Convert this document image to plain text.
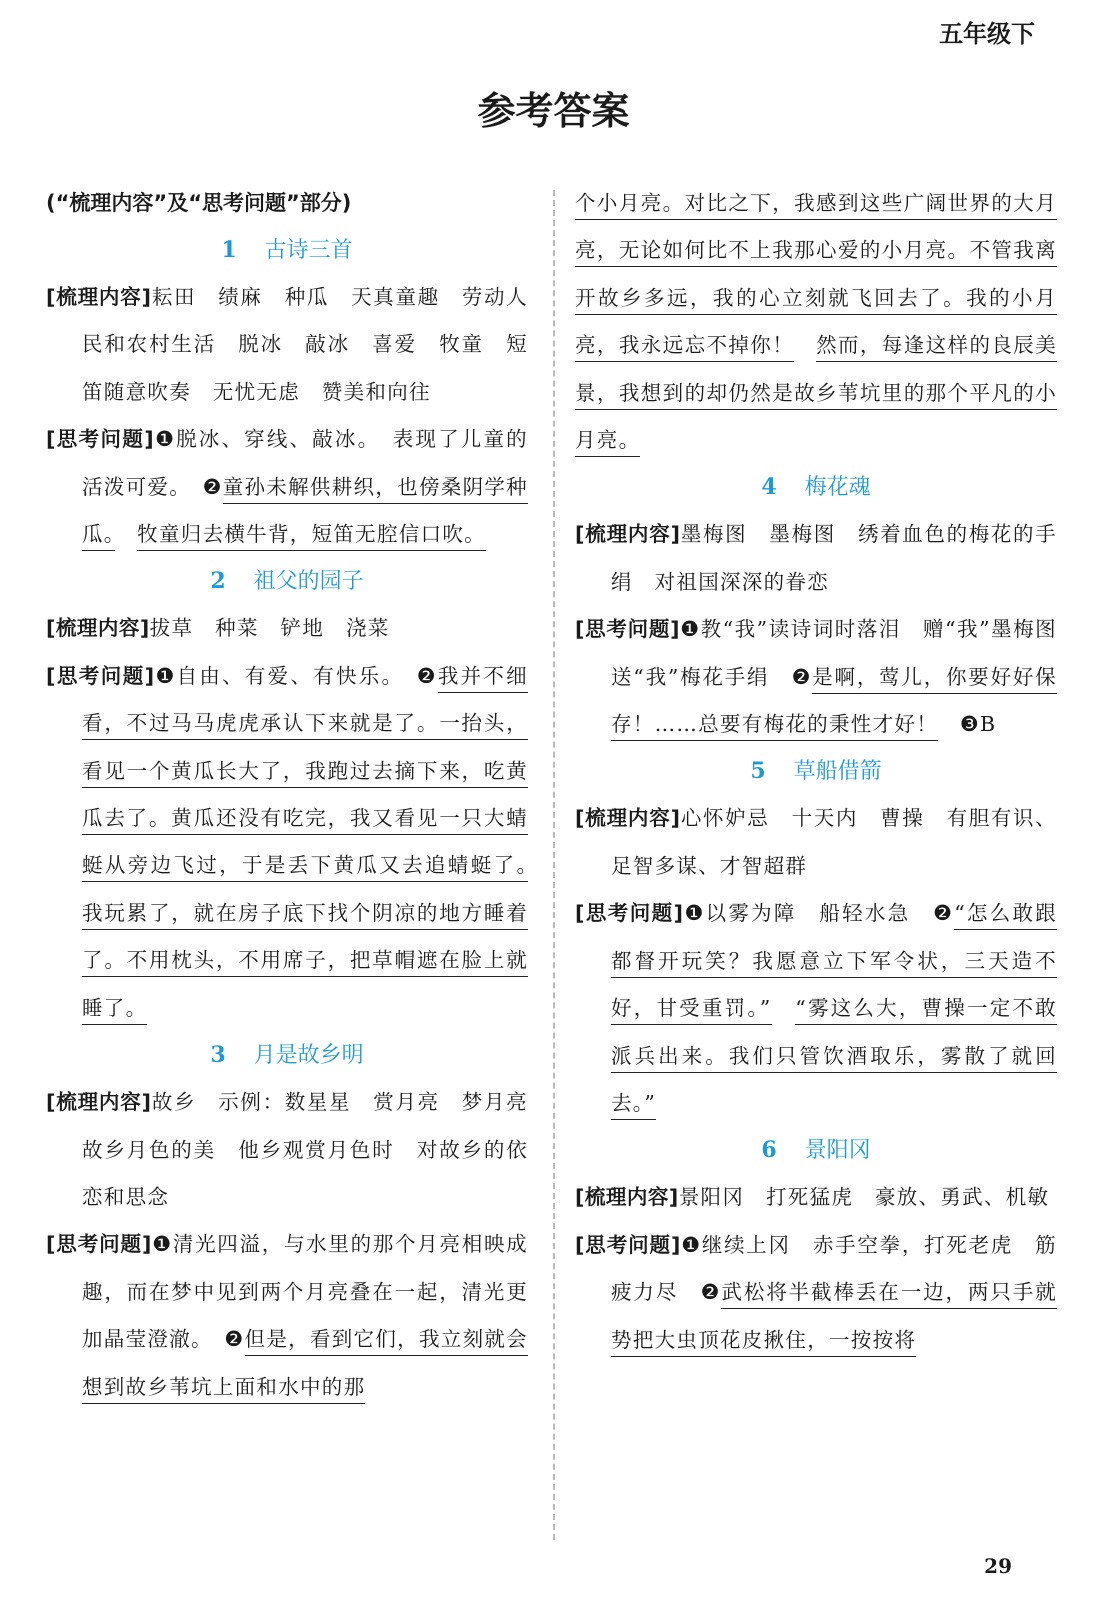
五年级下
参考答案

(“梳理内容”及“思考问题”部分)

1 古诗三首

[梳理内容]耘田　绩麻　种瓜　天真童趣　劳动人民和农村生活　脱冰　敲冰　喜爱　牧童　短笛随意吹奏　无忧无虑　赞美和向往

[思考问题]❶脱冰、穿线、敲冰。　表现了儿童的活泼可爱。　❷童孙未解供耕织，也傍桑阴学种瓜。　 牧童归去横牛背，短笛无腔信口吹。

2 祖父的园子

[梳理内容]拔草　种菜　铲地　浇菜

[思考问题]❶自由、有爱、有快乐。　❷我并不细看，不过马马虎虎承认下来就是了。一抬头，看见一个黄瓜长大了，我跑过去摘下来，吃黄瓜去了。黄瓜还没有吃完，我又看见一只大蜻蜓从旁边飞过，于是丢下黄瓜又去追蜻蜓了。　我玩累了，就在房子底下找个阴凉的地方睡着了。不用枕头，不用席子，把草帽遮在脸上就睡了。

3 月是故乡明

[梳理内容]故乡　示例：数星星　赏月亮　梦月亮　故乡月色的美　他乡观赏月色时　对故乡的依恋和思念

[思考问题]❶清光四溢，与水里的那个月亮相映成趣，而在梦中见到两个月亮叠在一起，清光更加晶莹澄澈。　❷但是，看到它们，我立刻就会想到故乡苇坑上面和水中的那

个小月亮。对比之下，我感到这些广阔世界的大月亮，无论如何比不上我那心爱的小月亮。不管我离开故乡多远，我的心立刻就飞回去了。我的小月亮，我永远忘不掉你！　 然而，每逢这样的良辰美景，我想到的却仍然是故乡苇坑里的那个平凡的小月亮。

4 梅花魂

[梳理内容]墨梅图　墨梅图　绣着血色的梅花的手绢　对祖国深深的眷恋

[思考问题]❶教“我”读诗词时落泪　赠“我”墨梅图　送“我”梅花手绢　❷是啊，莺儿，你要好好保存！……总要有梅花的秉性才好！　 ❸B

5 草船借箭

[梳理内容]心怀妒忌　十天内　曹操　有胆有识、足智多谋、才智超群

[思考问题]❶以雾为障　船轻水急　❷“怎么敢跟都督开玩笑？我愿意立下军令状，三天造不好，甘受重罚。”　 “雾这么大，曹操一定不敢派兵出来。我们只管饮酒取乐，雾散了就回去。”

6 景阳冈

[梳理内容]景阳冈　打死猛虎　豪放、勇武、机敏

[思考问题]❶继续上冈　赤手空拳，打死老虎　筋疲力尽　❷武松将半截棒丢在一边，两只手就势把大虫顶花皮揪住，一按按将

29
